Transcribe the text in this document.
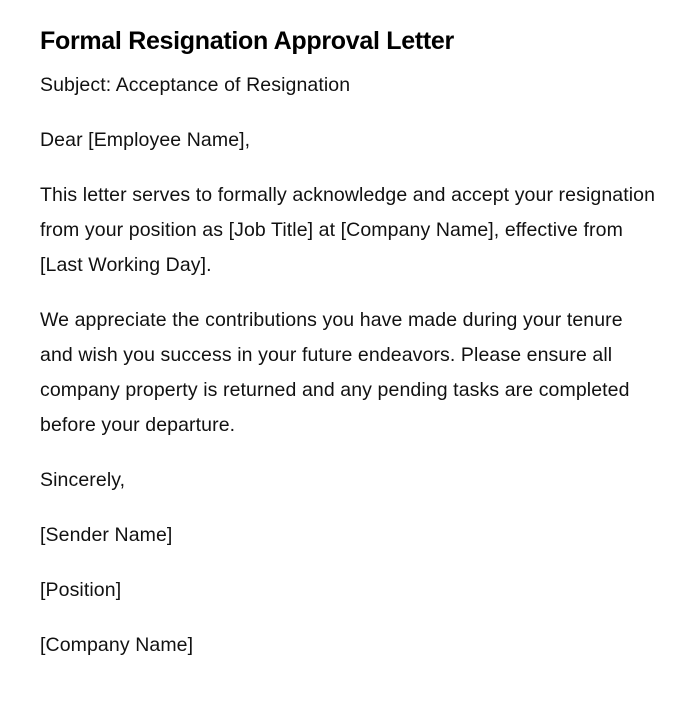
Formal Resignation Approval Letter

Subject: Acceptance of Resignation

Dear [Employee Name],

This letter serves to formally acknowledge and accept your resignation from your position as [Job Title] at [Company Name], effective from [Last Working Day].

We appreciate the contributions you have made during your tenure and wish you success in your future endeavors. Please ensure all company property is returned and any pending tasks are completed before your departure.

Sincerely,

[Sender Name]

[Position]

[Company Name]
